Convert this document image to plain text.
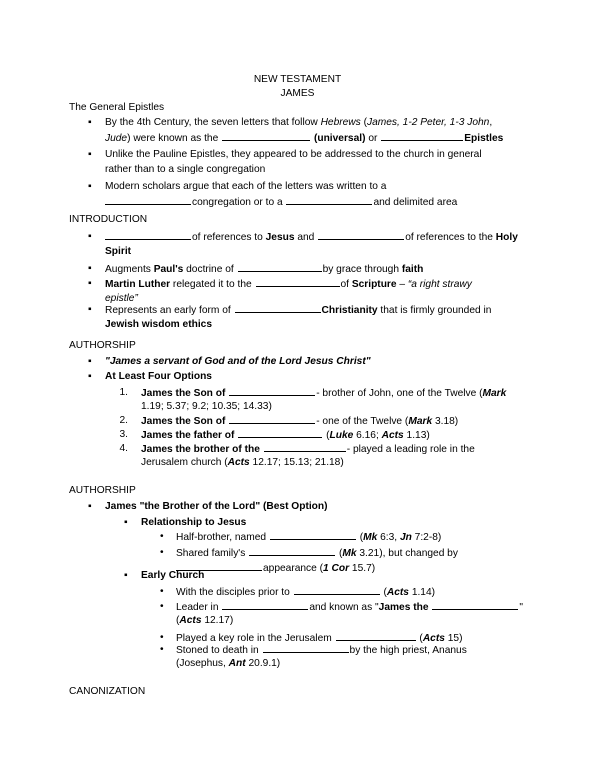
NEW TESTAMENT
JAMES
The General Epistles
▪	By the 4th Century, the seven letters that follow Hebrews (James, 1-2 Peter, 1-3 John,
Jude) were known as the	(universal) or	Epistles
▪	Unlike the Pauline Epistles, they appeared to be addressed to the church in general
rather than to a single congregation
▪	Modern scholars argue that each of the letters was written to a
congregation or to a	and delimited area
INTRODUCTION
▪	of references to Jesus and	of references to the Holy
Spirit
▪	Augments Paul's doctrine of	by grace through faith
▪	Martin Luther relegated it to the	of Scripture – “a right strawy
epistle”
▪	Represents an early form of	Christianity that is firmly grounded in
Jewish wisdom ethics
AUTHORSHIP
▪	"James a servant of God and of the Lord Jesus Christ"
▪	At Least Four Options
1. James the Son of	- brother of John, one of the Twelve (Mark
1.19; 5.37; 9.2; 10.35; 14.33)
2. James the Son of	- one of the Twelve (Mark 3.18)
3. James the father of	(Luke 6.16; Acts 1.13)
4. James the brother of the	- played a leading role in the
Jerusalem church (Acts 12.17; 15.13; 21.18)
AUTHORSHIP
▪	James "the Brother of the Lord" (Best Option)
▪	Relationship to Jesus
•	Half-brother, named	(Mk 6:3, Jn 7:2-8)
•	Shared family's	(Mk 3.21), but changed by
appearance (1 Cor 15.7)
▪	Early Church
•	With the disciples prior to	(Acts 1.14)
•	Leader in	and known as "James the	"
(Acts 12.17)
•	Played a key role in the Jerusalem	(Acts 15)
•	Stoned to death in	by the high priest, Ananus
(Josephus, Ant 20.9.1)
CANONIZATION
